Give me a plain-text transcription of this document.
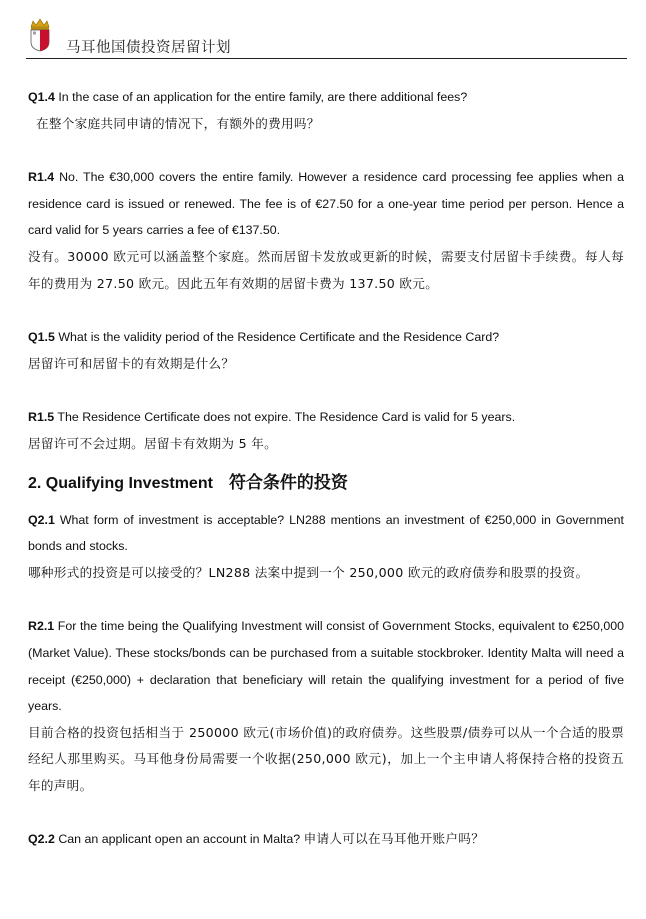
马耳他国债投资居留计划

Q1.4 In the case of an application for the entire family, are there additional fees?

在整个家庭共同申请的情况下，有额外的费用吗？

R1.4 No. The €30,000 covers the entire family. However a residence card processing fee applies when a residence card is issued or renewed. The fee is of €27.50 for a one-year time period per person. Hence a card valid for 5 years carries a fee of €137.50.

没有。30000 欧元可以涵盖整个家庭。然而居留卡发放或更新的时候，需要支付居留卡手续费。每人每年的费用为 27.50 欧元。因此五年有效期的居留卡费为 137.50 欧元。

Q1.5 What is the validity period of the Residence Certificate and the Residence Card?

居留许可和居留卡的有效期是什么？

R1.5 The Residence Certificate does not expire. The Residence Card is valid for 5 years.

居留许可不会过期。居留卡有效期为 5 年。

2. Qualifying Investment 符合条件的投资

Q2.1 What form of investment is acceptable? LN288 mentions an investment of €250,000 in Government bonds and stocks.

哪种形式的投资是可以接受的？LN288 法案中提到一个 250,000 欧元的政府债券和股票的投资。

R2.1 For the time being the Qualifying Investment will consist of Government Stocks, equivalent to €250,000 (Market Value). These stocks/bonds can be purchased from a suitable stockbroker. Identity Malta will need a receipt (€250,000) + declaration that beneficiary will retain the qualifying investment for a period of five years.

目前合格的投资包括相当于 250000 欧元(市场价值)的政府债券。这些股票/债券可以从一个合适的股票经纪人那里购买。马耳他身份局需要一个收据(250,000 欧元)，加上一个主申请人将保持合格的投资五年的声明。

Q2.2 Can an applicant open an account in Malta? 申请人可以在马耳他开账户吗？
